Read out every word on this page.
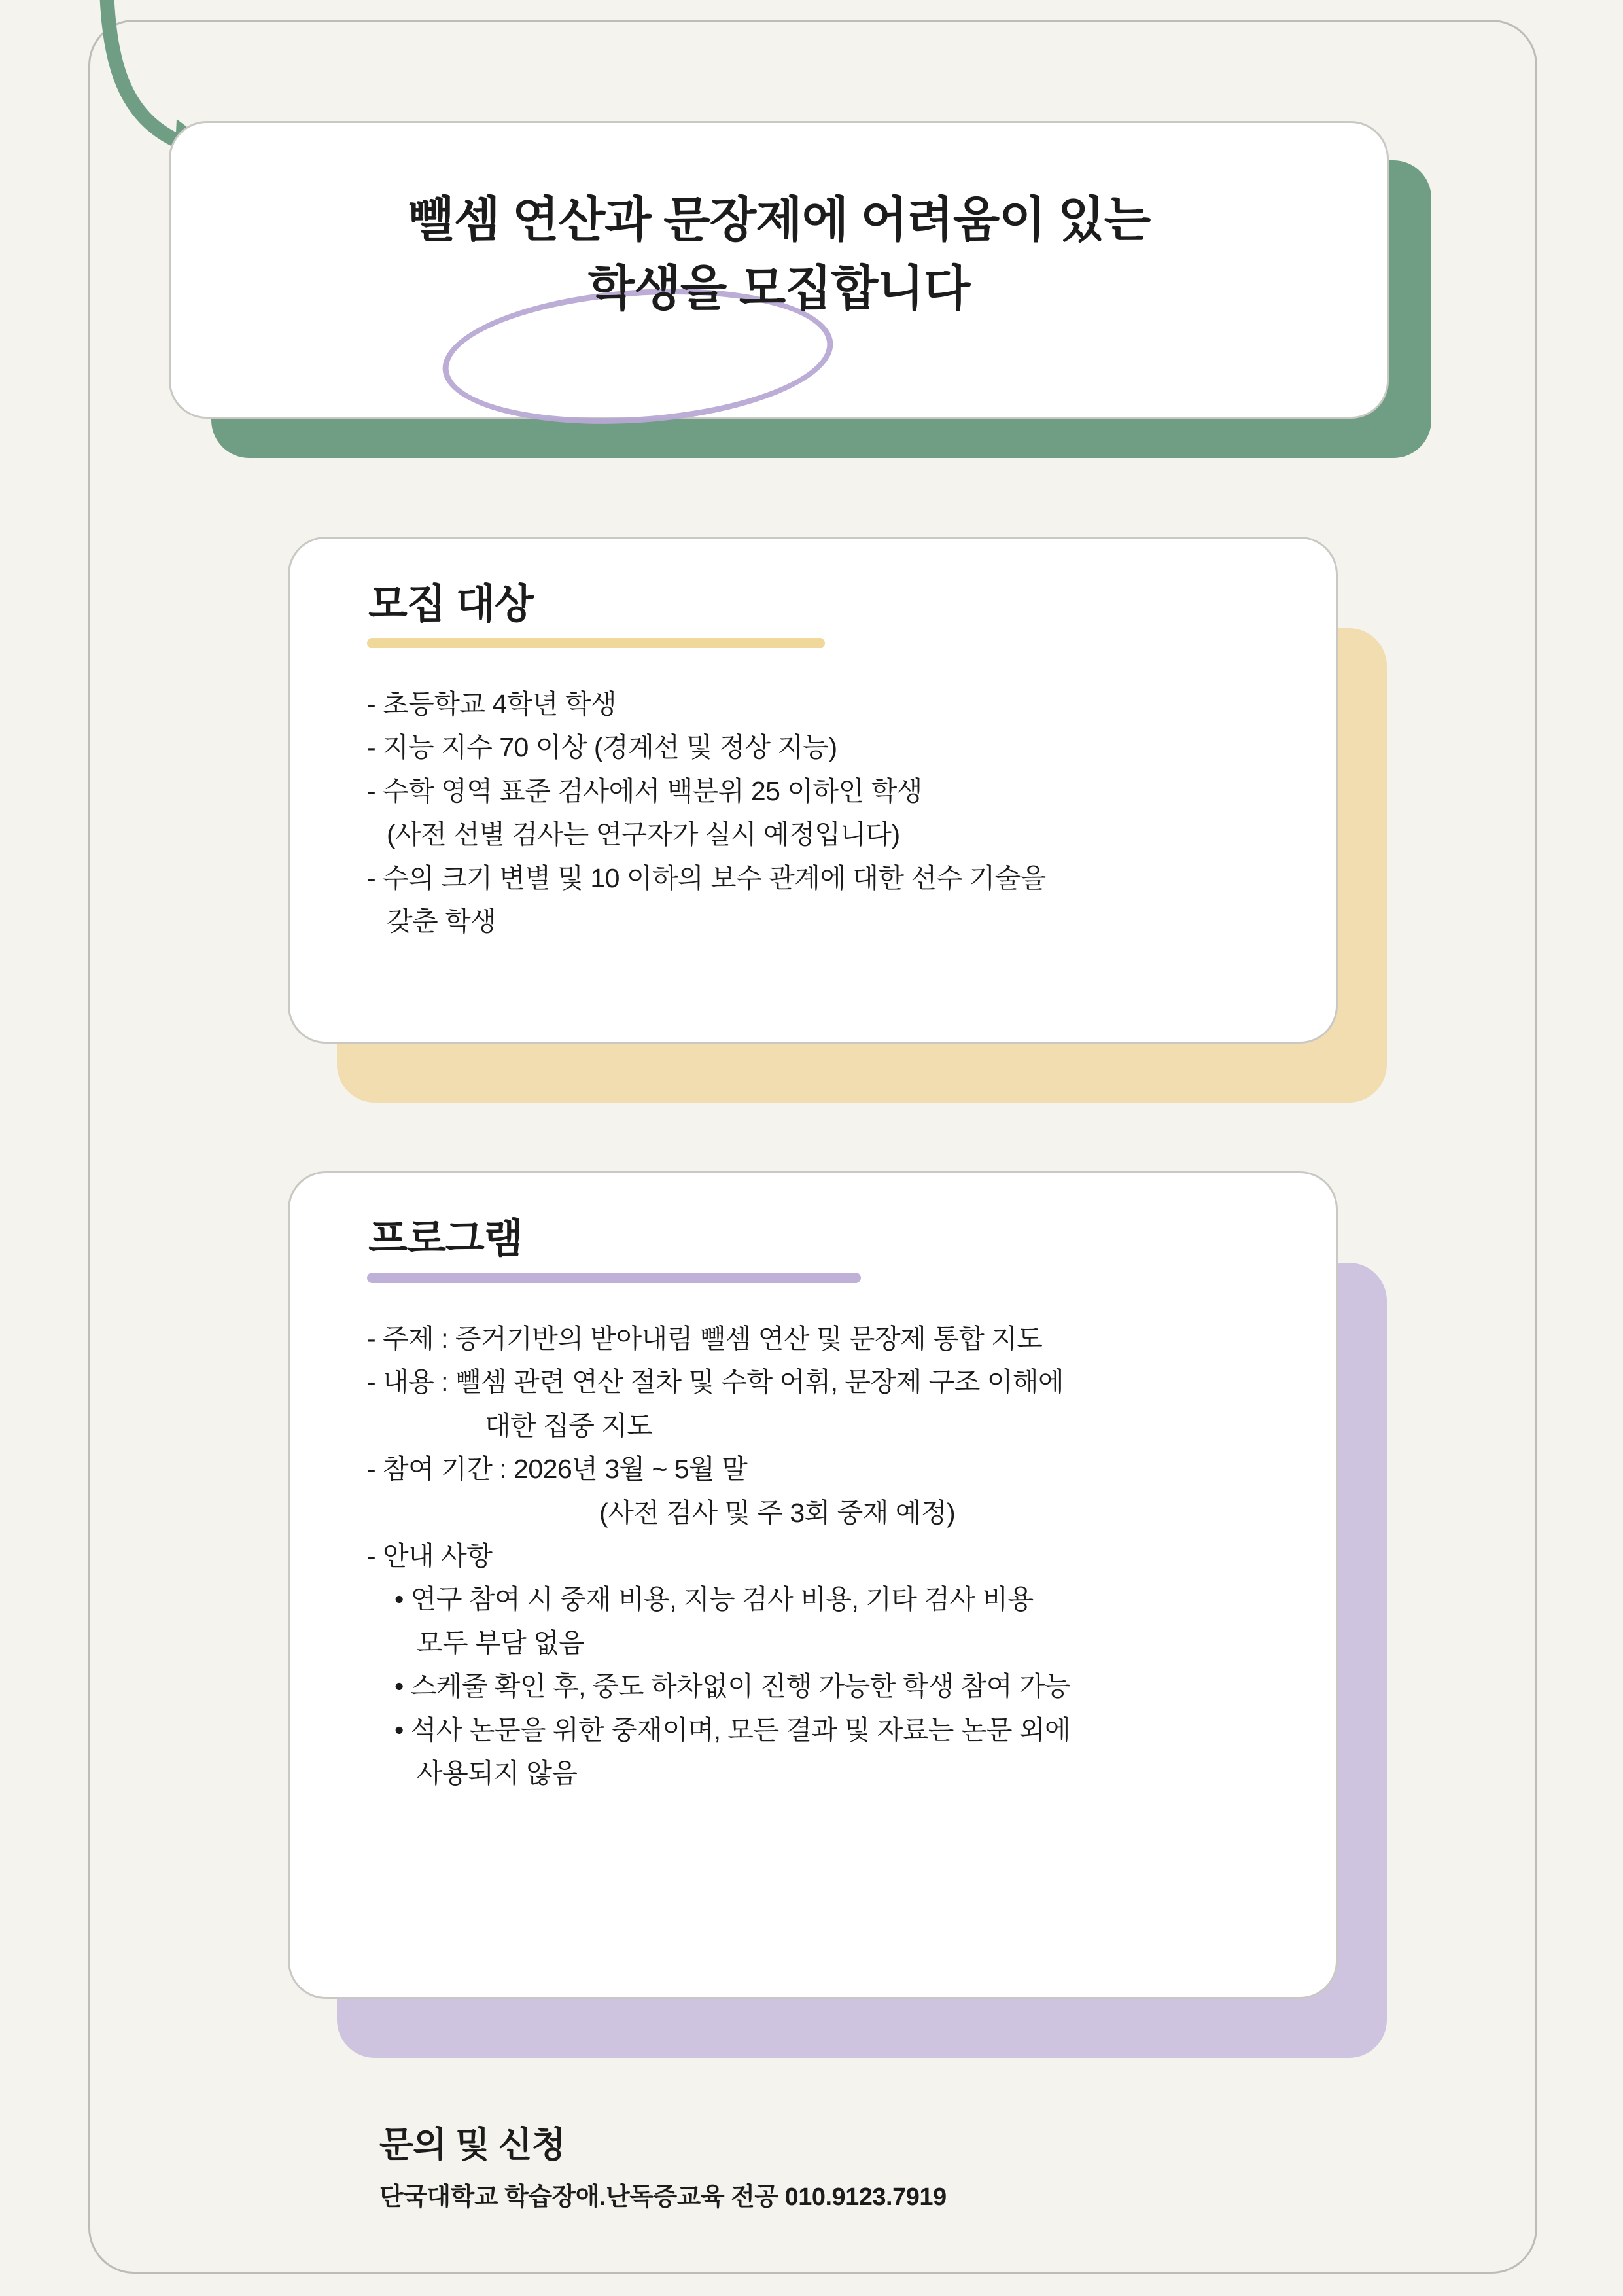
뺄셈 연산과 문장제에 어려움이 있는
학생을 모집합니다
모집 대상
- 초등학교 4학년 학생
- 지능 지수 70 이상 (경계선 및 정상 지능)
- 수학 영역 표준 검사에서 백분위 25 이하인 학생
(사전 선별 검사는 연구자가 실시 예정입니다)
- 수의 크기 변별 및 10 이하의 보수 관계에 대한 선수 기술을
갖춘 학생
프로그램
- 주제 : 증거기반의 받아내림 뺄셈 연산 및 문장제 통합 지도
- 내용 : 뺄셈 관련 연산 절차 및 수학 어휘, 문장제 구조 이해에
대한 집중 지도
- 참여 기간 : 2026년 3월 ~ 5월 말
(사전 검사 및 주 3회 중재 예정)
- 안내 사항
• 연구 참여 시 중재 비용, 지능 검사 비용, 기타 검사 비용
모두 부담 없음
• 스케줄 확인 후, 중도 하차없이 진행 가능한 학생 참여 가능
• 석사 논문을 위한 중재이며, 모든 결과 및 자료는 논문 외에
사용되지 않음
문의 및 신청
단국대학교 학습장애.난독증교육 전공 010.9123.7919
